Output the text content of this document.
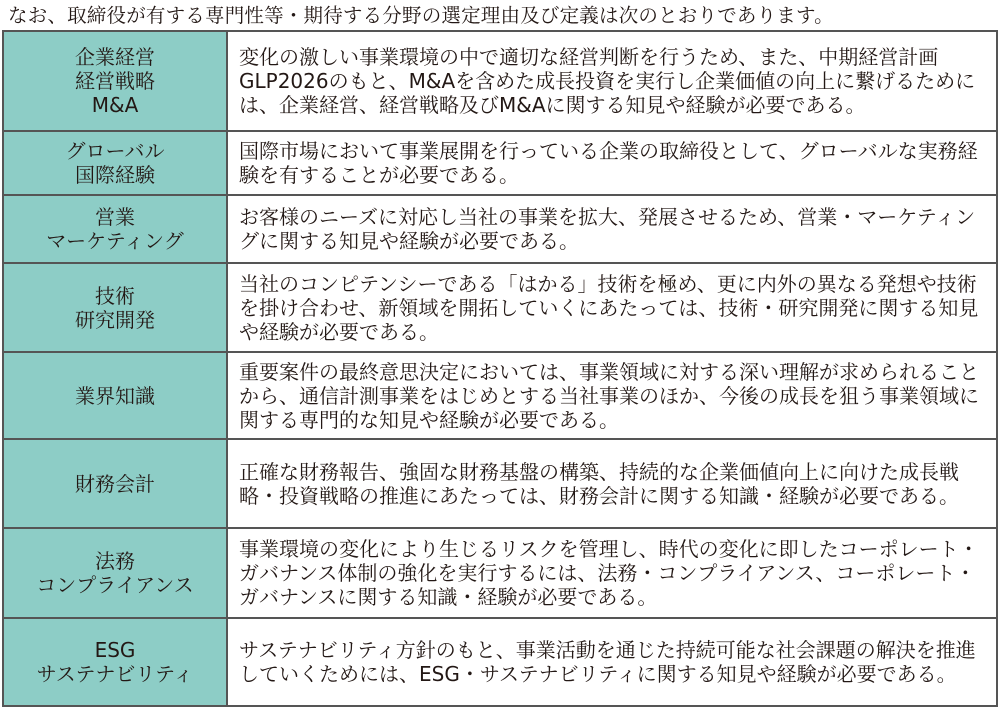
なお、取締役が有する専門性等・期待する分野の選定理由及び定義は次のとおりであります。
企業経営
経営戦略
M&A	変化の激しい事業環境の中で適切な経営判断を行うため、また、中期経営計画GLP2026のもと、M&Aを含めた成長投資を実行し企業価値の向上に繋げるためには、企業経営、経営戦略及びM&Aに関する知見や経験が必要である。
グローバル
国際経験	国際市場において事業展開を行っている企業の取締役として、グローバルな実務経験を有することが必要である。
営業
マーケティング	お客様のニーズに対応し当社の事業を拡大、発展させるため、営業・マーケティングに関する知見や経験が必要である。
技術
研究開発	当社のコンピテンシーである「はかる」技術を極め、更に内外の異なる発想や技術を掛け合わせ、新領域を開拓していくにあたっては、技術・研究開発に関する知見や経験が必要である。
業界知識	重要案件の最終意思決定においては、事業領域に対する深い理解が求められることから、通信計測事業をはじめとする当社事業のほか、今後の成長を狙う事業領域に関する専門的な知見や経験が必要である。
財務会計	正確な財務報告、強固な財務基盤の構築、持続的な企業価値向上に向けた成長戦略・投資戦略の推進にあたっては、財務会計に関する知識・経験が必要である。
法務
コンプライアンス	事業環境の変化により生じるリスクを管理し、時代の変化に即したコーポレート・ガバナンス体制の強化を実行するには、法務・コンプライアンス、コーポレート・ガバナンスに関する知識・経験が必要である。
ESG
サステナビリティ	サステナビリティ方針のもと、事業活動を通じた持続可能な社会課題の解決を推進していくためには、ESG・サステナビリティに関する知見や経験が必要である。
